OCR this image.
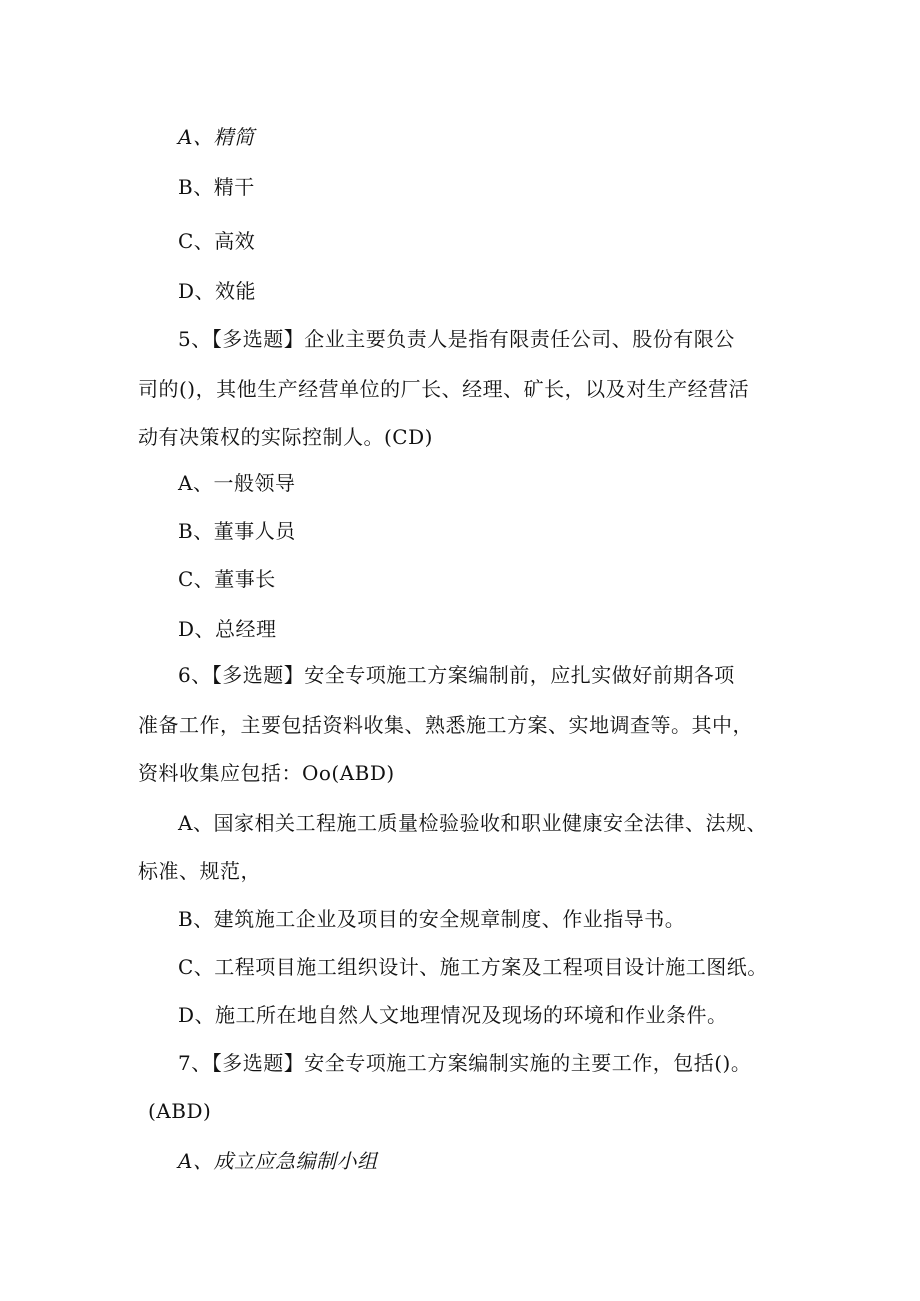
A、精简
B、精干
C、高效
D、效能
5、【多选题】企业主要负责人是指有限责任公司、股份有限公
司的()，其他生产经营单位的厂长、经理、矿长，以及对生产经营活
动有决策权的实际控制人。(CD)
A、一般领导
B、董事人员
C、董事长
D、总经理
6、【多选题】安全专项施工方案编制前，应扎实做好前期各项
准备工作，主要包括资料收集、熟悉施工方案、实地调查等。其中，
资料收集应包括：Oo(ABD)
A、国家相关工程施工质量检验验收和职业健康安全法律、法规、
标准、规范，
B、建筑施工企业及项目的安全规章制度、作业指导书。
C、工程项目施工组织设计、施工方案及工程项目设计施工图纸。
D、施工所在地自然人文地理情况及现场的环境和作业条件。
7、【多选题】安全专项施工方案编制实施的主要工作，包括()。
(ABD)
A、成立应急编制小组
